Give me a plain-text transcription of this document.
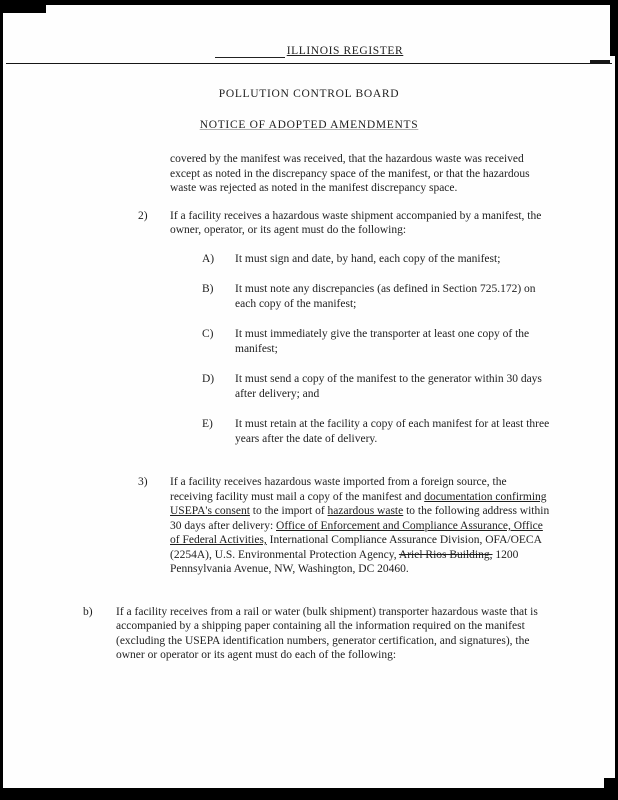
ILLINOIS REGISTER
POLLUTION CONTROL BOARD
NOTICE OF ADOPTED AMENDMENTS

covered by the manifest was received, that the hazardous waste was received except as noted in the discrepancy space of the manifest, or that the hazardous waste was rejected as noted in the manifest discrepancy space.

2)	If a facility receives a hazardous waste shipment accompanied by a manifest, the owner, operator, or its agent must do the following:

A)	It must sign and date, by hand, each copy of the manifest;
B)	It must note any discrepancies (as defined in Section 725.172) on each copy of the manifest;
C)	It must immediately give the transporter at least one copy of the manifest;
D)	It must send a copy of the manifest to the generator within 30 days after delivery; and
E)	It must retain at the facility a copy of each manifest for at least three years after the date of delivery.
3)	If a facility receives hazardous waste imported from a foreign source, the receiving facility must mail a copy of the manifest and documentation confirming USEPA's consent to the import of hazardous waste to the following address within 30 days after delivery: Office of Enforcement and Compliance Assurance, Office of Federal Activities, International Compliance Assurance Division, OFA/OECA (2254A), U.S. Environmental Protection Agency, Ariel Rios Building, 1200 Pennsylvania Avenue, NW, Washington, DC 20460.

b)	If a facility receives from a rail or water (bulk shipment) transporter hazardous waste that is accompanied by a shipping paper containing all the information required on the manifest (excluding the USEPA identification numbers, generator certification, and signatures), the owner or operator or its agent must do each of the following:
